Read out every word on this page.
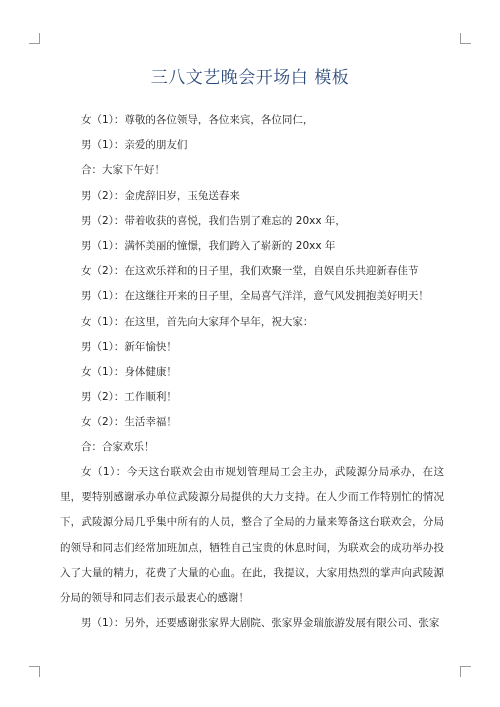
三八文艺晚会开场白 模板
女（1）：尊敬的各位领导，各位来宾，各位同仁，
男（1）：亲爱的朋友们
合：大家下午好！
男（2）：金虎辞旧岁，玉兔送春来
男（2）：带着收获的喜悦，我们告别了难忘的 20xx 年，
男（1）：满怀美丽的憧憬，我们跨入了崭新的 20xx 年
女（2）：在这欢乐祥和的日子里，我们欢聚一堂，自娱自乐共迎新春佳节
男（1）：在这继往开来的日子里，全局喜气洋洋，意气风发拥抱美好明天！
女（1）：在这里，首先向大家拜个早年，祝大家：
男（1）：新年愉快！
女（1）：身体健康！
男（2）：工作顺利！
女（2）：生活幸福！
合：合家欢乐！
女（1）：今天这台联欢会由市规划管理局工会主办，武陵源分局承办，在这里，要特别感谢承办单位武陵源分局提供的大力支持。在人少而工作特别忙的情况下，武陵源分局几乎集中所有的人员，整合了全局的力量来筹备这台联欢会，分局的领导和同志们经常加班加点，牺牲自己宝贵的休息时间，为联欢会的成功举办投入了大量的精力，花费了大量的心血。在此，我提议，大家用热烈的掌声向武陵源分局的领导和同志们表示最衷心的感谢！
男（1）：另外，还要感谢张家界大剧院、张家界金瑞旅游发展有限公司、张家
